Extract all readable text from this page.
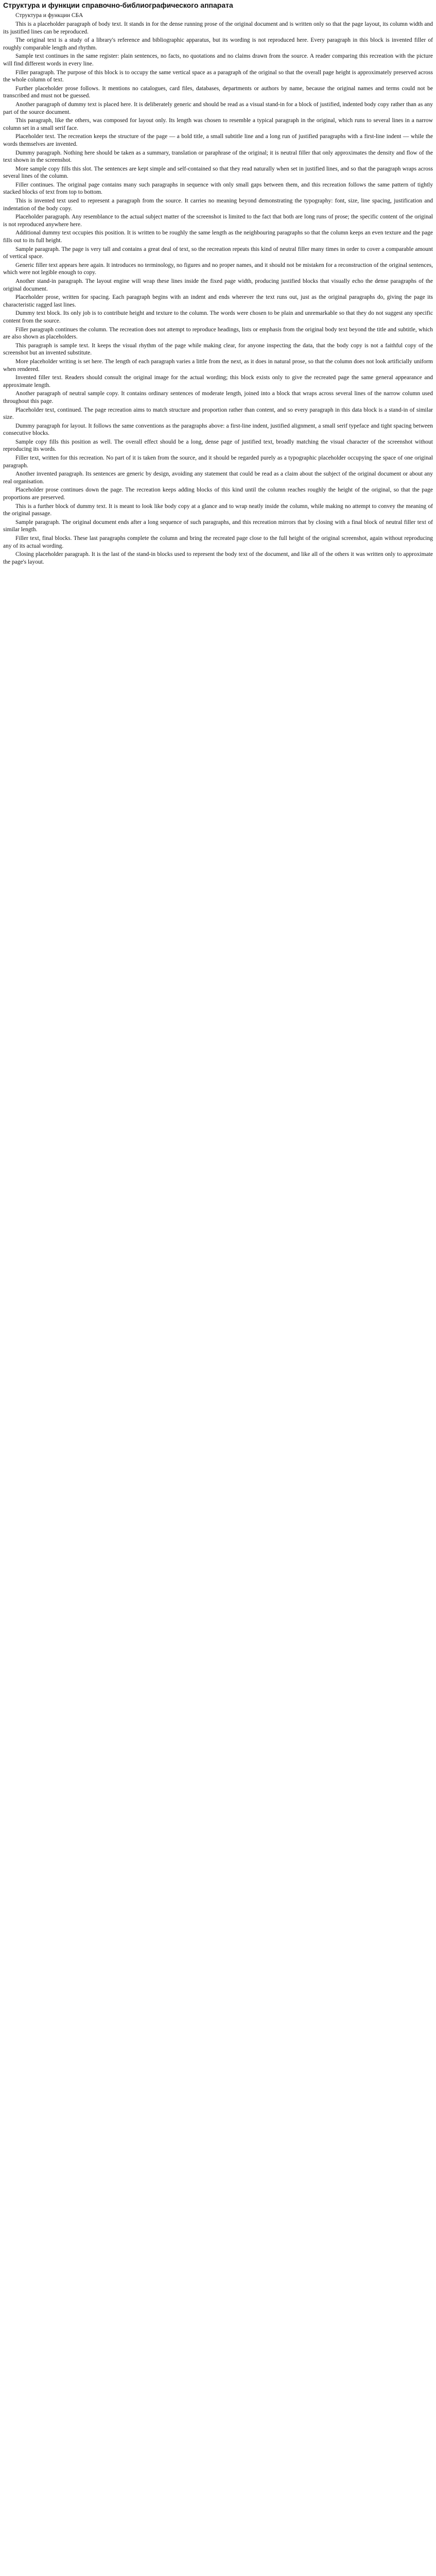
Структура и функции справочно-библиографического аппарата
Структура и функции СБА

This is a placeholder paragraph of body text. It stands in for the dense running prose of the original document and is written only so that the page layout, its column width and its justified lines can be reproduced.

The original text is a study of a library's reference and bibliographic apparatus, but its wording is not reproduced here. Every paragraph in this block is invented filler of roughly comparable length and rhythm.

Sample text continues in the same register: plain sentences, no facts, no quotations and no claims drawn from the source. A reader comparing this recreation with the picture will find different words in every line.

Filler paragraph. The purpose of this block is to occupy the same vertical space as a paragraph of the original so that the overall page height is approximately preserved across the whole column of text.

Further placeholder prose follows. It mentions no catalogues, card files, databases, departments or authors by name, because the original names and terms could not be transcribed and must not be guessed.

Another paragraph of dummy text is placed here. It is deliberately generic and should be read as a visual stand-in for a block of justified, indented body copy rather than as any part of the source document.

This paragraph, like the others, was composed for layout only. Its length was chosen to resemble a typical paragraph in the original, which runs to several lines in a narrow column set in a small serif face.

Placeholder text. The recreation keeps the structure of the page — a bold title, a small subtitle line and a long run of justified paragraphs with a first-line indent — while the words themselves are invented.

Dummy paragraph. Nothing here should be taken as a summary, translation or paraphrase of the original; it is neutral filler that only approximates the density and flow of the text shown in the screenshot.

More sample copy fills this slot. The sentences are kept simple and self-contained so that they read naturally when set in justified lines, and so that the paragraph wraps across several lines of the column.

Filler continues. The original page contains many such paragraphs in sequence with only small gaps between them, and this recreation follows the same pattern of tightly stacked blocks of text from top to bottom.

This is invented text used to represent a paragraph from the source. It carries no meaning beyond demonstrating the typography: font, size, line spacing, justification and indentation of the body copy.

Placeholder paragraph. Any resemblance to the actual subject matter of the screenshot is limited to the fact that both are long runs of prose; the specific content of the original is not reproduced anywhere here.

Additional dummy text occupies this position. It is written to be roughly the same length as the neighbouring paragraphs so that the column keeps an even texture and the page fills out to its full height.

Sample paragraph. The page is very tall and contains a great deal of text, so the recreation repeats this kind of neutral filler many times in order to cover a comparable amount of vertical space.

Generic filler text appears here again. It introduces no terminology, no figures and no proper names, and it should not be mistaken for a reconstruction of the original sentences, which were not legible enough to copy.

Another stand-in paragraph. The layout engine will wrap these lines inside the fixed page width, producing justified blocks that visually echo the dense paragraphs of the original document.

Placeholder prose, written for spacing. Each paragraph begins with an indent and ends wherever the text runs out, just as the original paragraphs do, giving the page its characteristic ragged last lines.

Dummy text block. Its only job is to contribute height and texture to the column. The words were chosen to be plain and unremarkable so that they do not suggest any specific content from the source.

Filler paragraph continues the column. The recreation does not attempt to reproduce headings, lists or emphasis from the original body text beyond the title and subtitle, which are also shown as placeholders.

This paragraph is sample text. It keeps the visual rhythm of the page while making clear, for anyone inspecting the data, that the body copy is not a faithful copy of the screenshot but an invented substitute.

More placeholder writing is set here. The length of each paragraph varies a little from the next, as it does in natural prose, so that the column does not look artificially uniform when rendered.

Invented filler text. Readers should consult the original image for the actual wording; this block exists only to give the recreated page the same general appearance and approximate length.

Another paragraph of neutral sample copy. It contains ordinary sentences of moderate length, joined into a block that wraps across several lines of the narrow column used throughout this page.

Placeholder text, continued. The page recreation aims to match structure and proportion rather than content, and so every paragraph in this data block is a stand-in of similar size.

Dummy paragraph for layout. It follows the same conventions as the paragraphs above: a first-line indent, justified alignment, a small serif typeface and tight spacing between consecutive blocks.

Sample copy fills this position as well. The overall effect should be a long, dense page of justified text, broadly matching the visual character of the screenshot without reproducing its words.

Filler text, written for this recreation. No part of it is taken from the source, and it should be regarded purely as a typographic placeholder occupying the space of one original paragraph.

Another invented paragraph. Its sentences are generic by design, avoiding any statement that could be read as a claim about the subject of the original document or about any real organisation.

Placeholder prose continues down the page. The recreation keeps adding blocks of this kind until the column reaches roughly the height of the original, so that the page proportions are preserved.

This is a further block of dummy text. It is meant to look like body copy at a glance and to wrap neatly inside the column, while making no attempt to convey the meaning of the original passage.

Sample paragraph. The original document ends after a long sequence of such paragraphs, and this recreation mirrors that by closing with a final block of neutral filler text of similar length.

Filler text, final blocks. These last paragraphs complete the column and bring the recreated page close to the full height of the original screenshot, again without reproducing any of its actual wording.

Closing placeholder paragraph. It is the last of the stand-in blocks used to represent the body text of the document, and like all of the others it was written only to approximate the page's layout.
